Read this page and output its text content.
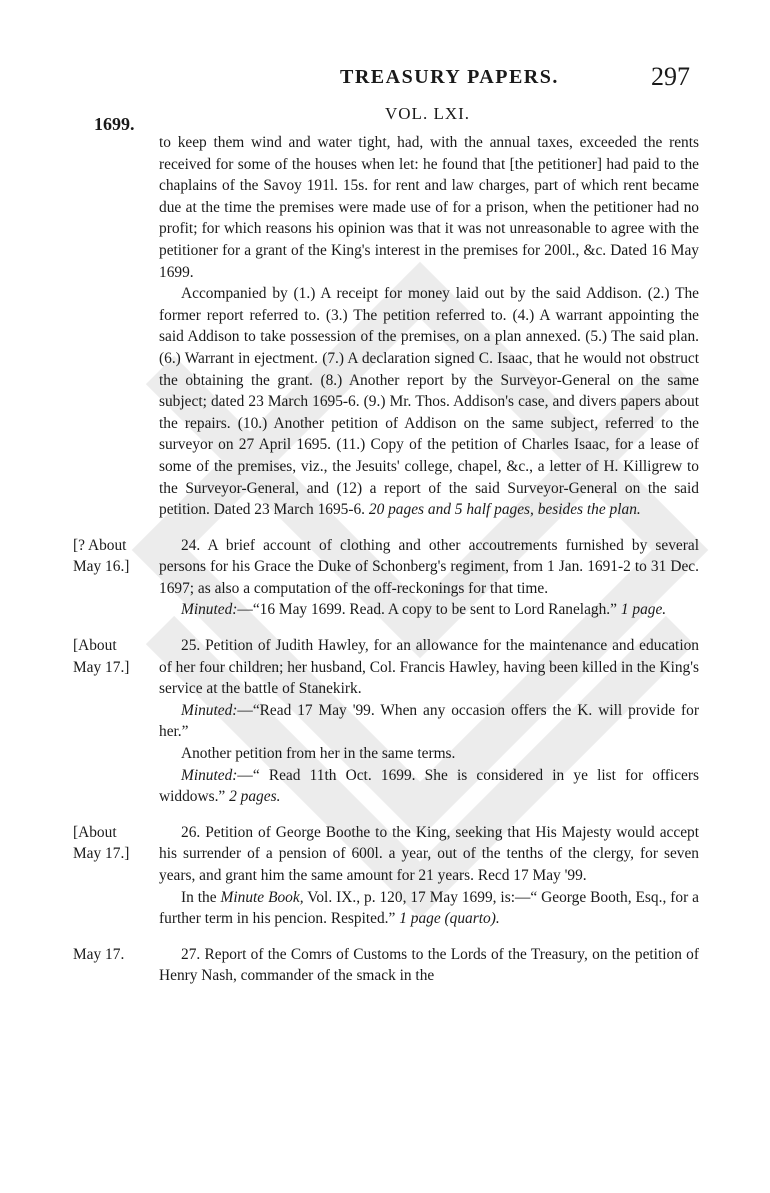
TREASURY PAPERS.	297
1699.
VOL. LXI.

to keep them wind and water tight, had, with the annual taxes, exceeded the rents received for some of the houses when let: he found that [the petitioner] had paid to the chaplains of the Savoy 191l. 15s. for rent and law charges, part of which rent became due at the time the premises were made use of for a prison, when the petitioner had no profit; for which reasons his opinion was that it was not unreasonable to agree with the petitioner for a grant of the King's interest in the premises for 200l., &c. Dated 16 May 1699.

Accompanied by (1.) A receipt for money laid out by the said Addison. (2.) The former report referred to. (3.) The petition referred to. (4.) A warrant appointing the said Addison to take possession of the premises, on a plan annexed. (5.) The said plan. (6.) Warrant in ejectment. (7.) A declaration signed C. Isaac, that he would not obstruct the obtaining the grant. (8.) Another report by the Surveyor-General on the same subject; dated 23 March 1695-6. (9.) Mr. Thos. Addison's case, and divers papers about the repairs. (10.) Another petition of Addison on the same subject, referred to the surveyor on 27 April 1695. (11.) Copy of the petition of Charles Isaac, for a lease of some of the premises, viz., the Jesuits' college, chapel, &c., a letter of H. Killigrew to the Surveyor-General, and (12) a report of the said Surveyor-General on the said petition. Dated 23 March 1695-6. 20 pages and 5 half pages, besides the plan.

[? About
May 16.]

24. A brief account of clothing and other accoutrements furnished by several persons for his Grace the Duke of Schonberg's regiment, from 1 Jan. 1691-2 to 31 Dec. 1697; as also a computation of the off-reckonings for that time.

Minuted:—“16 May 1699. Read. A copy to be sent to Lord Ranelagh.” 1 page.

[About
May 17.]

25. Petition of Judith Hawley, for an allowance for the maintenance and education of her four children; her husband, Col. Francis Hawley, having been killed in the King's service at the battle of Stanekirk.

Minuted:—“Read 17 May '99. When any occasion offers the K. will provide for her.”

Another petition from her in the same terms.

Minuted:—“ Read 11th Oct. 1699. She is considered in ye list for officers widdows.” 2 pages.

[About
May 17.]

26. Petition of George Boothe to the King, seeking that His Majesty would accept his surrender of a pension of 600l. a year, out of the tenths of the clergy, for seven years, and grant him the same amount for 21 years. Recd 17 May '99.

In the Minute Book, Vol. IX., p. 120, 17 May 1699, is:—“ George Booth, Esq., for a further term in his pencion. Respited.” 1 page (quarto).

May 17.	27. Report of the Comrs of Customs to the Lords of the Treasury, on the petition of Henry Nash, commander of the smack in the
